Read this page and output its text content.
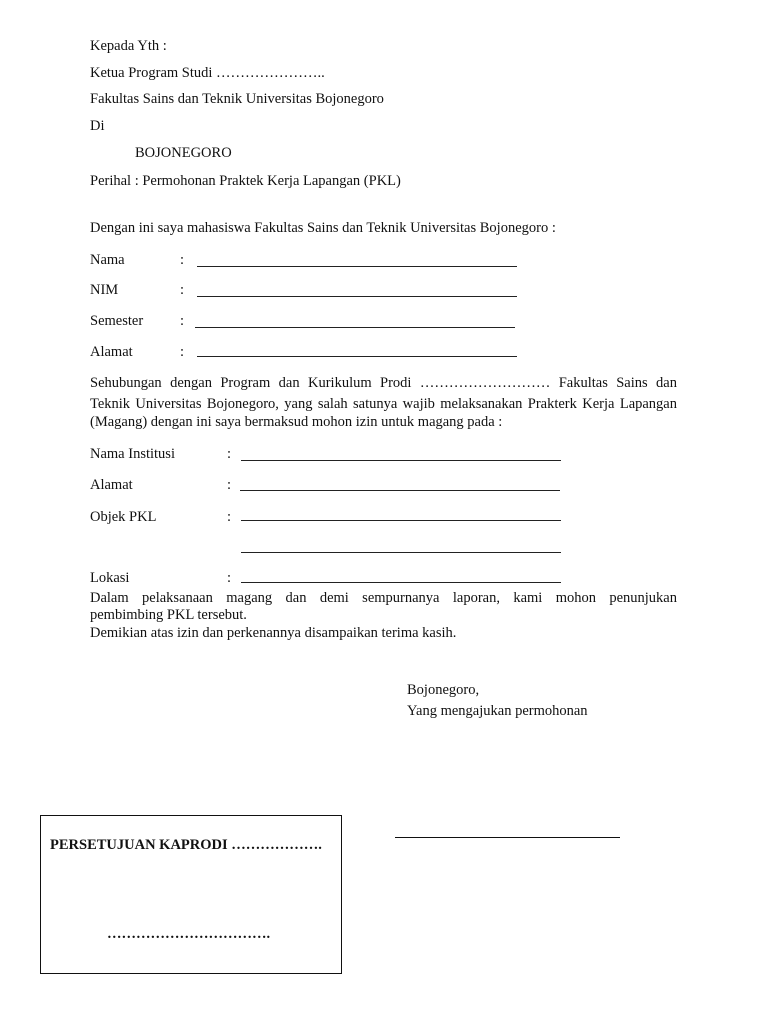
Kepada Yth :
Ketua Program Studi …………………..
Fakultas Sains dan Teknik Universitas Bojonegoro
Di
BOJONEGORO
Perihal : Permohonan Praktek Kerja Lapangan (PKL)
Dengan ini saya mahasiswa Fakultas Sains dan Teknik Universitas Bojonegoro :
Nama	:
NIM	:
Semester	:
Alamat	:
Sehubungan dengan Program dan Kurikulum Prodi ……………………… Fakultas Sains dan
Teknik Universitas Bojonegoro, yang salah satunya wajib melaksanakan Prakterk Kerja Lapangan
(Magang) dengan ini saya bermaksud mohon izin untuk magang pada :
Nama Institusi	:
Alamat	:
Objek PKL	:
Lokasi	:
Dalam pelaksanaan magang dan demi sempurnanya laporan, kami mohon penunjukan
pembimbing PKL tersebut.
Demikian atas izin dan perkenannya disampaikan terima kasih.
Bojonegoro,
Yang mengajukan permohonan
PERSETUJUAN KAPRODI ……………….
…………………………….
